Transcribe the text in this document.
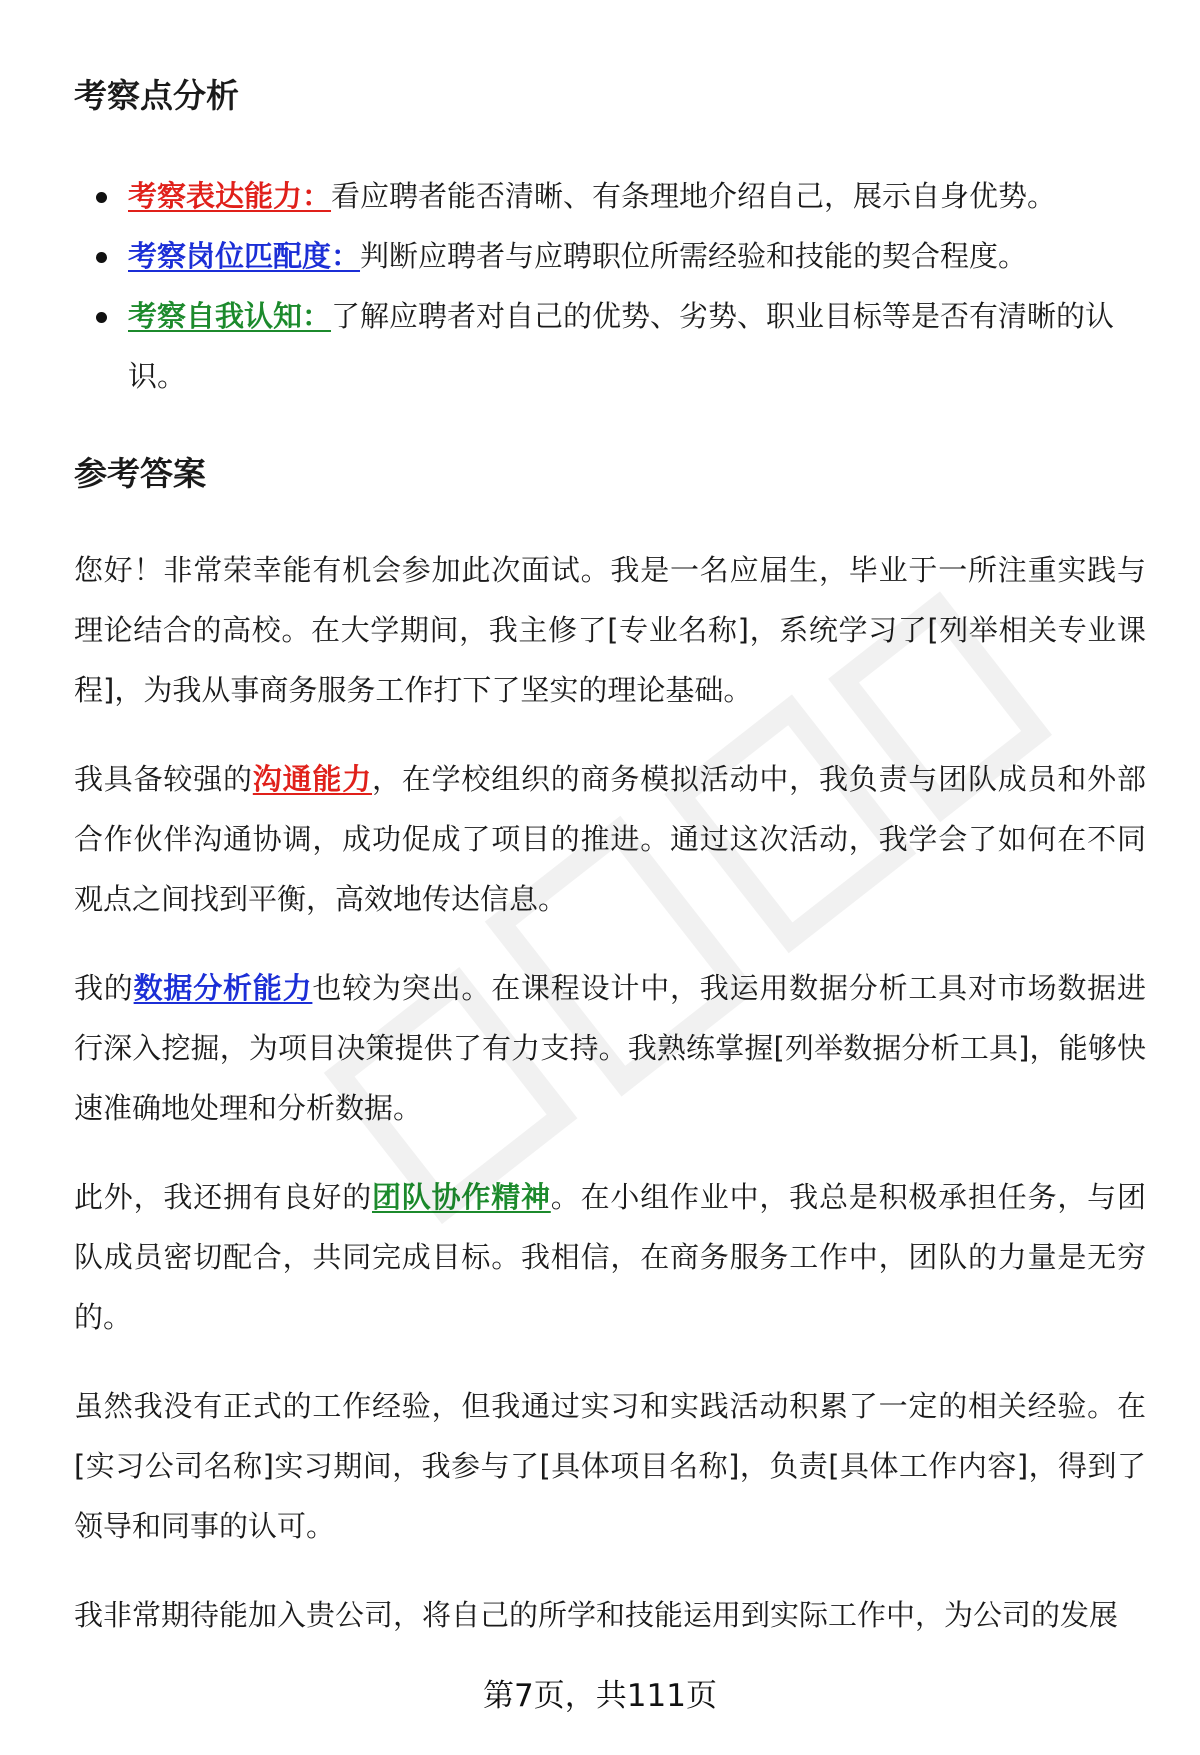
考察点分析
考察表达能力：看应聘者能否清晰、有条理地介绍自己，展示自身优势。
考察岗位匹配度：判断应聘者与应聘职位所需经验和技能的契合程度。
考察自我认知：了解应聘者对自己的优势、劣势、职业目标等是否有清晰的认识。
参考答案

您好！非常荣幸能有机会参加此次面试。我是一名应届生，毕业于一所注重实践与理论结合的高校。在大学期间，我主修了[专业名称]，系统学习了[列举相关专业课程]，为我从事商务服务工作打下了坚实的理论基础。

我具备较强的沟通能力，在学校组织的商务模拟活动中，我负责与团队成员和外部合作伙伴沟通协调，成功促成了项目的推进。通过这次活动，我学会了如何在不同观点之间找到平衡，高效地传达信息。

我的数据分析能力也较为突出。在课程设计中，我运用数据分析工具对市场数据进行深入挖掘，为项目决策提供了有力支持。我熟练掌握[列举数据分析工具]，能够快速准确地处理和分析数据。

此外，我还拥有良好的团队协作精神。在小组作业中，我总是积极承担任务，与团队成员密切配合，共同完成目标。我相信，在商务服务工作中，团队的力量是无穷的。

虽然我没有正式的工作经验，但我通过实习和实践活动积累了一定的相关经验。在[实习公司名称]实习期间，我参与了[具体项目名称]，负责[具体工作内容]，得到了领导和同事的认可。

我非常期待能加入贵公司，将自己的所学和技能运用到实际工作中，为公司的发展

第7页，共111页
